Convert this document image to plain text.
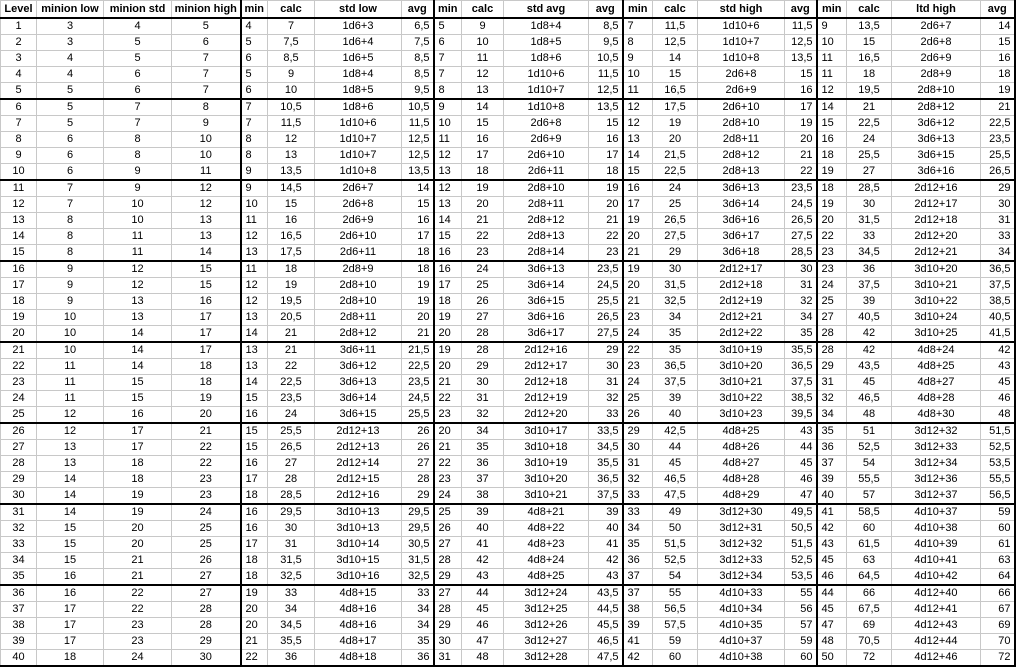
Level	minion low	minion std	minion high	min	calc	std low	avg	min	calc	std avg	avg	min	calc	std high	avg	min	calc	ltd high	avg
1	3	4	5	4	7	1d6+3	6,5	5	9	1d8+4	8,5	7	11,5	1d10+6	11,5	9	13,5	2d6+7	14
2	3	5	6	5	7,5	1d6+4	7,5	6	10	1d8+5	9,5	8	12,5	1d10+7	12,5	10	15	2d6+8	15
3	4	5	7	6	8,5	1d6+5	8,5	7	11	1d8+6	10,5	9	14	1d10+8	13,5	11	16,5	2d6+9	16
4	4	6	7	5	9	1d8+4	8,5	7	12	1d10+6	11,5	10	15	2d6+8	15	11	18	2d8+9	18
5	5	6	7	6	10	1d8+5	9,5	8	13	1d10+7	12,5	11	16,5	2d6+9	16	12	19,5	2d8+10	19
6	5	7	8	7	10,5	1d8+6	10,5	9	14	1d10+8	13,5	12	17,5	2d6+10	17	14	21	2d8+12	21
7	5	7	9	7	11,5	1d10+6	11,5	10	15	2d6+8	15	12	19	2d8+10	19	15	22,5	3d6+12	22,5
8	6	8	10	8	12	1d10+7	12,5	11	16	2d6+9	16	13	20	2d8+11	20	16	24	3d6+13	23,5
9	6	8	10	8	13	1d10+7	12,5	12	17	2d6+10	17	14	21,5	2d8+12	21	18	25,5	3d6+15	25,5
10	6	9	11	9	13,5	1d10+8	13,5	13	18	2d6+11	18	15	22,5	2d8+13	22	19	27	3d6+16	26,5
11	7	9	12	9	14,5	2d6+7	14	12	19	2d8+10	19	16	24	3d6+13	23,5	18	28,5	2d12+16	29
12	7	10	12	10	15	2d6+8	15	13	20	2d8+11	20	17	25	3d6+14	24,5	19	30	2d12+17	30
13	8	10	13	11	16	2d6+9	16	14	21	2d8+12	21	19	26,5	3d6+16	26,5	20	31,5	2d12+18	31
14	8	11	13	12	16,5	2d6+10	17	15	22	2d8+13	22	20	27,5	3d6+17	27,5	22	33	2d12+20	33
15	8	11	14	13	17,5	2d6+11	18	16	23	2d8+14	23	21	29	3d6+18	28,5	23	34,5	2d12+21	34
16	9	12	15	11	18	2d8+9	18	16	24	3d6+13	23,5	19	30	2d12+17	30	23	36	3d10+20	36,5
17	9	12	15	12	19	2d8+10	19	17	25	3d6+14	24,5	20	31,5	2d12+18	31	24	37,5	3d10+21	37,5
18	9	13	16	12	19,5	2d8+10	19	18	26	3d6+15	25,5	21	32,5	2d12+19	32	25	39	3d10+22	38,5
19	10	13	17	13	20,5	2d8+11	20	19	27	3d6+16	26,5	23	34	2d12+21	34	27	40,5	3d10+24	40,5
20	10	14	17	14	21	2d8+12	21	20	28	3d6+17	27,5	24	35	2d12+22	35	28	42	3d10+25	41,5
21	10	14	17	13	21	3d6+11	21,5	19	28	2d12+16	29	22	35	3d10+19	35,5	28	42	4d8+24	42
22	11	14	18	13	22	3d6+12	22,5	20	29	2d12+17	30	23	36,5	3d10+20	36,5	29	43,5	4d8+25	43
23	11	15	18	14	22,5	3d6+13	23,5	21	30	2d12+18	31	24	37,5	3d10+21	37,5	31	45	4d8+27	45
24	11	15	19	15	23,5	3d6+14	24,5	22	31	2d12+19	32	25	39	3d10+22	38,5	32	46,5	4d8+28	46
25	12	16	20	16	24	3d6+15	25,5	23	32	2d12+20	33	26	40	3d10+23	39,5	34	48	4d8+30	48
26	12	17	21	15	25,5	2d12+13	26	20	34	3d10+17	33,5	29	42,5	4d8+25	43	35	51	3d12+32	51,5
27	13	17	22	15	26,5	2d12+13	26	21	35	3d10+18	34,5	30	44	4d8+26	44	36	52,5	3d12+33	52,5
28	13	18	22	16	27	2d12+14	27	22	36	3d10+19	35,5	31	45	4d8+27	45	37	54	3d12+34	53,5
29	14	18	23	17	28	2d12+15	28	23	37	3d10+20	36,5	32	46,5	4d8+28	46	39	55,5	3d12+36	55,5
30	14	19	23	18	28,5	2d12+16	29	24	38	3d10+21	37,5	33	47,5	4d8+29	47	40	57	3d12+37	56,5
31	14	19	24	16	29,5	3d10+13	29,5	25	39	4d8+21	39	33	49	3d12+30	49,5	41	58,5	4d10+37	59
32	15	20	25	16	30	3d10+13	29,5	26	40	4d8+22	40	34	50	3d12+31	50,5	42	60	4d10+38	60
33	15	20	25	17	31	3d10+14	30,5	27	41	4d8+23	41	35	51,5	3d12+32	51,5	43	61,5	4d10+39	61
34	15	21	26	18	31,5	3d10+15	31,5	28	42	4d8+24	42	36	52,5	3d12+33	52,5	45	63	4d10+41	63
35	16	21	27	18	32,5	3d10+16	32,5	29	43	4d8+25	43	37	54	3d12+34	53,5	46	64,5	4d10+42	64
36	16	22	27	19	33	4d8+15	33	27	44	3d12+24	43,5	37	55	4d10+33	55	44	66	4d12+40	66
37	17	22	28	20	34	4d8+16	34	28	45	3d12+25	44,5	38	56,5	4d10+34	56	45	67,5	4d12+41	67
38	17	23	28	20	34,5	4d8+16	34	29	46	3d12+26	45,5	39	57,5	4d10+35	57	47	69	4d12+43	69
39	17	23	29	21	35,5	4d8+17	35	30	47	3d12+27	46,5	41	59	4d10+37	59	48	70,5	4d12+44	70
40	18	24	30	22	36	4d8+18	36	31	48	3d12+28	47,5	42	60	4d10+38	60	50	72	4d12+46	72
